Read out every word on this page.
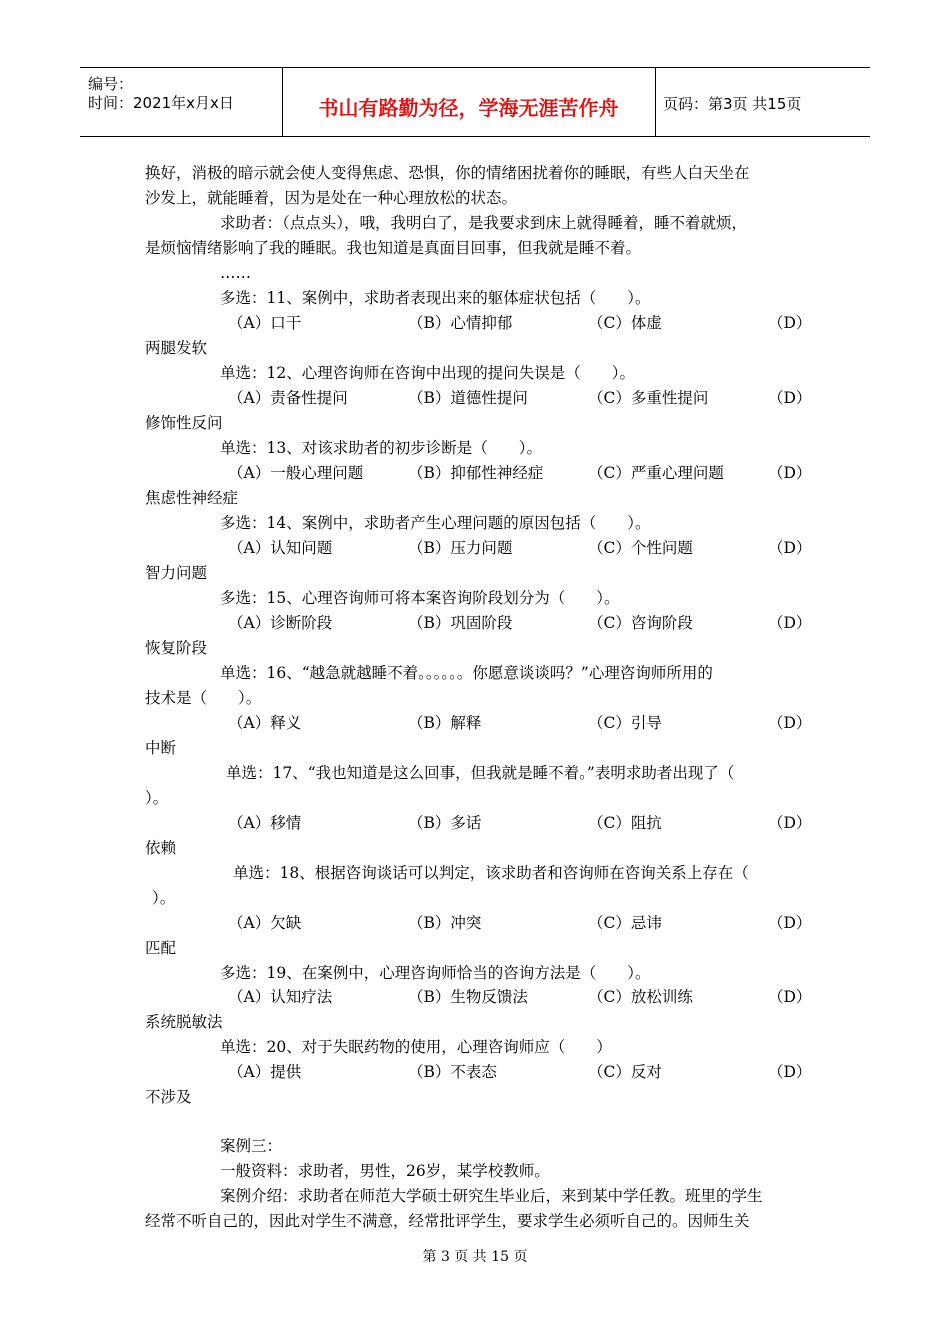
编号：
时间：2021年x月x日	书山有路勤为径，学海无涯苦作舟	页码：第3页 共15页
换好，消极的暗示就会使人变得焦虑、恐惧，你的情绪困扰着你的睡眠，有些人白天坐在
沙发上，就能睡着，因为是处在一种心理放松的状态。
求助者：（点点头），哦，我明白了，是我要求到床上就得睡着，睡不着就烦，
是烦恼情绪影响了我的睡眠。我也知道是真面目回事，但我就是睡不着。
……
多选：11、案例中，求助者表现出来的躯体症状包括（　　）。
（A）口干	（B）心情抑郁	（C）体虚	（D）
两腿发软
单选：12、心理咨询师在咨询中出现的提问失误是（　　）。
（A）责备性提问	（B）道德性提问	（C）多重性提问	（D）
修饰性反问
单选：13、对该求助者的初步诊断是（　　）。
（A）一般心理问题	（B）抑郁性神经症	（C）严重心理问题	（D）
焦虑性神经症
多选：14、案例中，求助者产生心理问题的原因包括（　　）。
（A）认知问题	（B）压力问题	（C）个性问题	（D）
智力问题
多选：15、心理咨询师可将本案咨询阶段划分为（　　）。
（A）诊断阶段	（B）巩固阶段	（C）咨询阶段	（D）
恢复阶段
单选：16、“越急就越睡不着。。。。。。你愿意谈谈吗？”心理咨询师所用的
技术是（　　）。
（A）释义	（B）解释	（C）引导	（D）
中断
单选：17、“我也知道是这么回事，但我就是睡不着。”表明求助者出现了（
）。
（A）移情	（B）多话	（C）阻抗	（D）
依赖
单选：18、根据咨询谈话可以判定，该求助者和咨询师在咨询关系上存在（
）。
（A）欠缺	（B）冲突	（C）忌讳	（D）
匹配
多选：19、在案例中，心理咨询师恰当的咨询方法是（　　）。
（A）认知疗法	（B）生物反馈法	（C）放松训练	（D）
系统脱敏法
单选：20、对于失眠药物的使用，心理咨询师应（　　）
（A）提供	（B）不表态	（C）反对	（D）
不涉及
案例三：
一般资料：求助者，男性，26岁，某学校教师。
案例介绍：求助者在师范大学硕士研究生毕业后，来到某中学任教。班里的学生
经常不听自己的，因此对学生不满意，经常批评学生，要求学生必须听自己的。因师生关
第 3 页 共 15 页
